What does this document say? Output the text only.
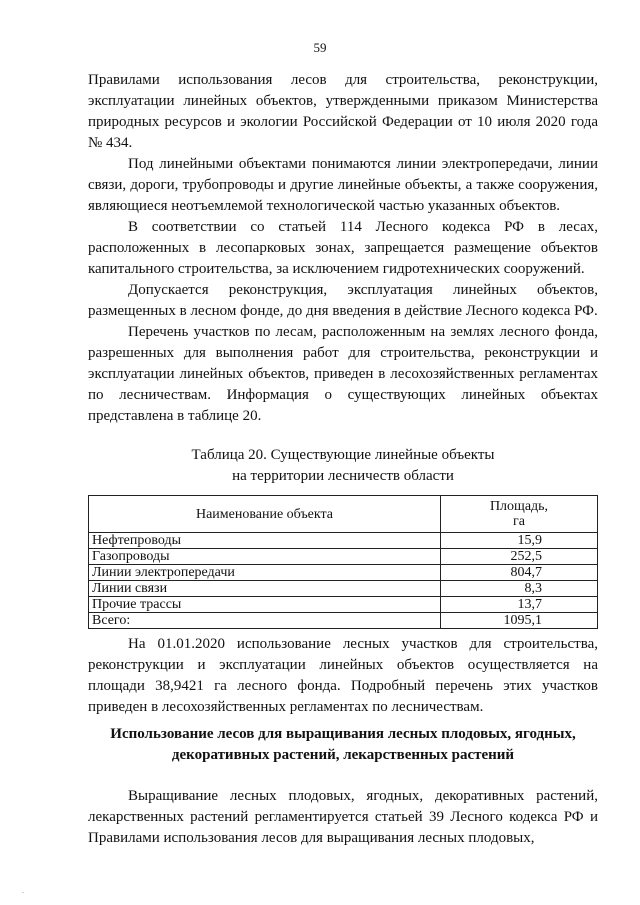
59

Правилами использования лесов для строительства, реконструкции, эксплуатации линейных объектов, утвержденными приказом Министерства природных ресурсов и экологии Российской Федерации от 10 июля 2020 года № 434.

Под линейными объектами понимаются линии электропередачи, линии связи, дороги, трубопроводы и другие линейные объекты, а также сооружения, являющиеся неотъемлемой технологической частью указанных объектов.

В соответствии со статьей 114 Лесного кодекса РФ в лесах, расположенных в лесопарковых зонах, запрещается размещение объектов капитального строительства, за исключением гидротехнических сооружений.

Допускается реконструкция, эксплуатация линейных объектов, размещенных в лесном фонде, до дня введения в действие Лесного кодекса РФ.

Перечень участков по лесам, расположенным на землях лесного фонда, разрешенных для выполнения работ для строительства, реконструкции и эксплуатации линейных объектов, приведен в лесохозяйственных регламентах по лесничествам. Информация о существующих линейных объектах представлена в таблице 20.

Таблица 20. Существующие линейные объекты
на территории лесничеств области
Наименование объекта	Площадь,
га
Нефтепроводы	15,9
Газопроводы	252,5
Линии электропередачи	804,7
Линии связи	8,3
Прочие трассы	13,7
Всего:	1095,1

На 01.01.2020 использование лесных участков для строительства, реконструкции и эксплуатации линейных объектов осуществляется на площади 38,9421 га лесного фонда. Подробный перечень этих участков приведен в лесохозяйственных регламентах по лесничествам.

Использование лесов для выращивания лесных плодовых, ягодных,
декоративных растений, лекарственных растений

Выращивание лесных плодовых, ягодных, декоративных растений, лекарственных растений регламентируется статьей 39 Лесного кодекса РФ и Правилами использования лесов для выращивания лесных плодовых,

.
